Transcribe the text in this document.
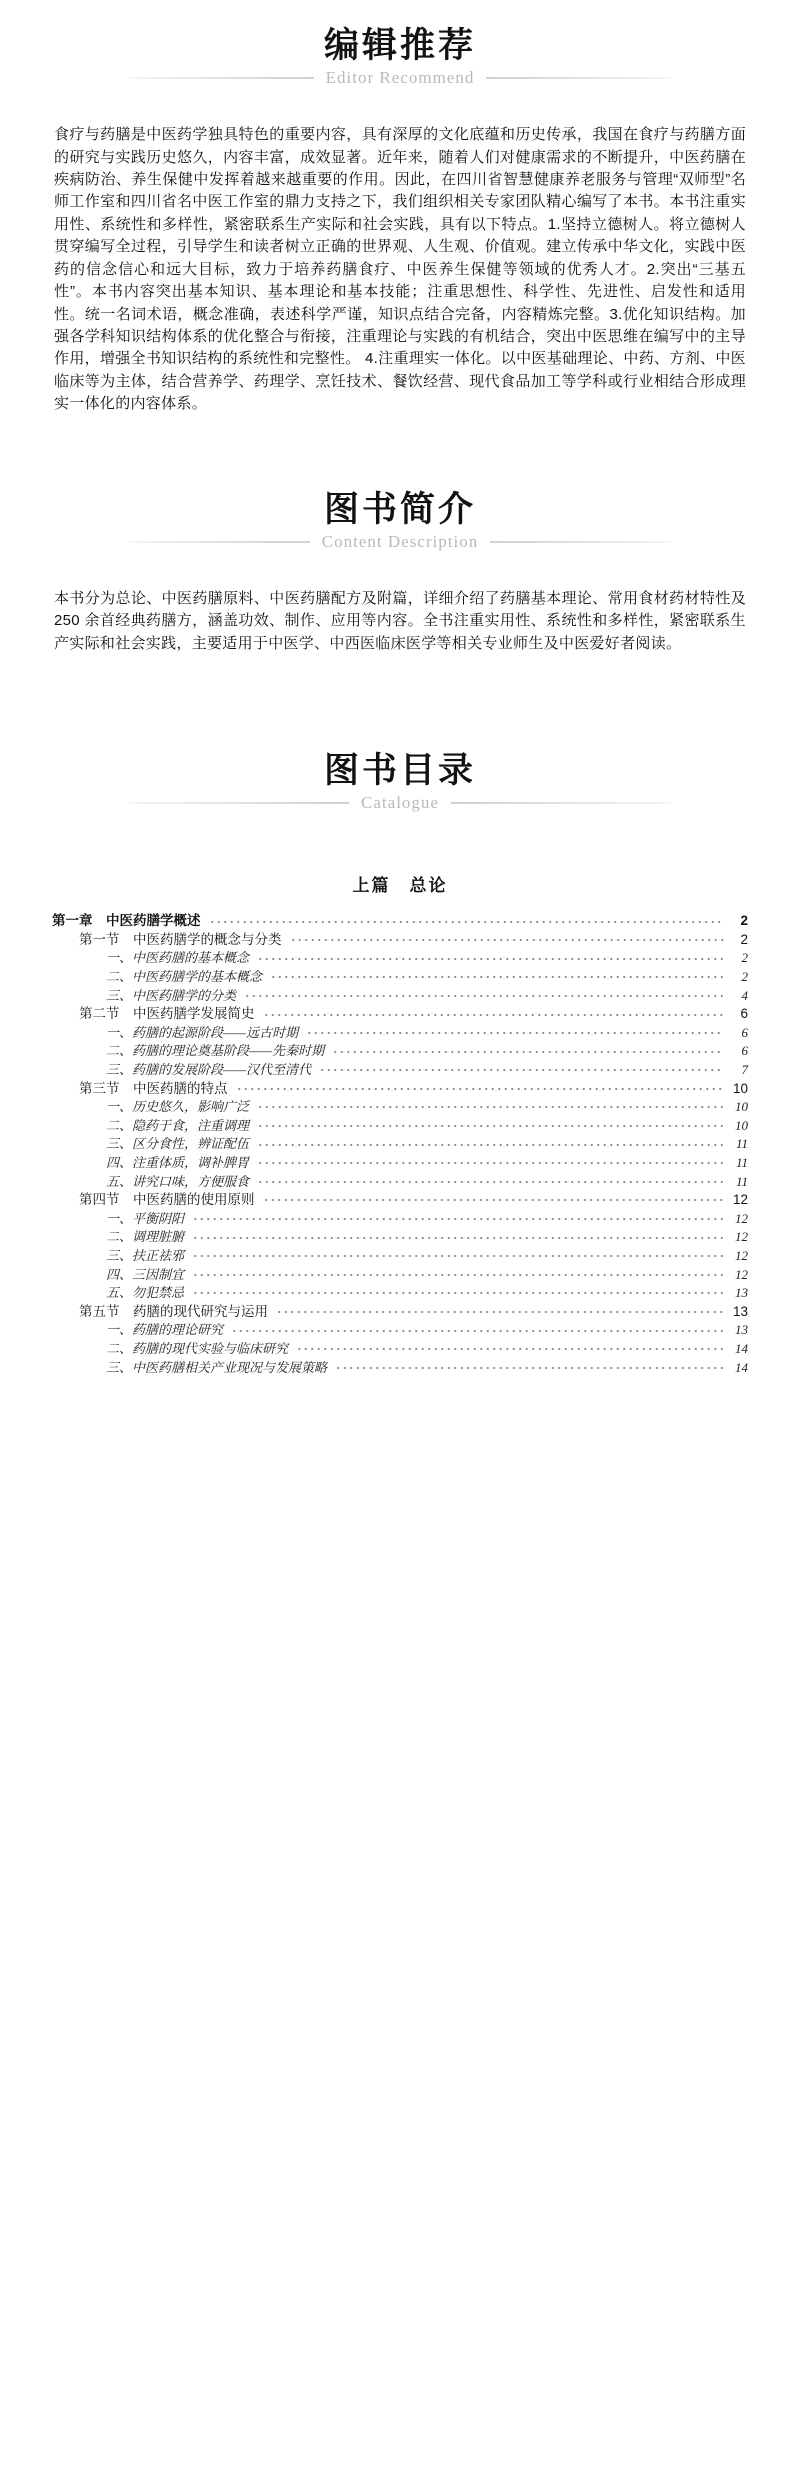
编辑推荐
Editor Recommend

食疗与药膳是中医药学独具特色的重要内容，具有深厚的文化底蕴和历史传承，我国在食疗与药膳方面的研究与实践历史悠久，内容丰富，成效显著。近年来，随着人们对健康需求的不断提升，中医药膳在疾病防治、养生保健中发挥着越来越重要的作用。因此，在四川省智慧健康养老服务与管理“双师型”名师工作室和四川省名中医工作室的鼎力支持之下，我们组织相关专家团队精心编写了本书。本书注重实用性、系统性和多样性，紧密联系生产实际和社会实践，具有以下特点。1.坚持立德树人。将立德树人贯穿编写全过程，引导学生和读者树立正确的世界观、人生观、价值观。建立传承中华文化，实践中医药的信念信心和远大目标，致力于培养药膳食疗、中医养生保健等领域的优秀人才。2.突出“三基五性”。本书内容突出基本知识、基本理论和基本技能；注重思想性、科学性、先进性、启发性和适用性。统一名词术语，概念准确，表述科学严谨，知识点结合完备，内容精炼完整。3.优化知识结构。加强各学科知识结构体系的优化整合与衔接，注重理论与实践的有机结合，突出中医思维在编写中的主导作用，增强全书知识结构的系统性和完整性。 4.注重理实一体化。以中医基础理论、中药、方剂、中医临床等为主体，结合营养学、药理学、烹饪技术、餐饮经营、现代食品加工等学科或行业相结合形成理实一体化的内容体系。

图书简介
Content Description

本书分为总论、中医药膳原料、中医药膳配方及附篇，详细介绍了药膳基本理论、常用食材药材特性及250 余首经典药膳方，涵盖功效、制作、应用等内容。全书注重实用性、系统性和多样性，紧密联系生产实际和社会实践，主要适用于中医学、中西医临床医学等相关专业师生及中医爱好者阅读。

图书目录
Catalogue
上篇　总论
第一章　中医药膳学概述	2
第一节　中医药膳学的概念与分类	2
一、中医药膳的基本概念	2
二、中医药膳学的基本概念	2
三、中医药膳学的分类	4
第二节　中医药膳学发展简史	6
一、药膳的起源阶段——远古时期	6
二、药膳的理论奠基阶段——先秦时期	6
三、药膳的发展阶段——汉代至清代	7
第三节　中医药膳的特点	10
一、历史悠久，影响广泛	10
二、隐药于食，注重调理	10
三、区分食性，辨证配伍	11
四、注重体质，调补脾胃	11
五、讲究口味，方便服食	11
第四节　中医药膳的使用原则	12
一、平衡阴阳	12
二、调理脏腑	12
三、扶正祛邪	12
四、三因制宜	12
五、勿犯禁忌	13
第五节　药膳的现代研究与运用	13
一、药膳的理论研究	13
二、药膳的现代实验与临床研究	14
三、中医药膳相关产业现况与发展策略	14
